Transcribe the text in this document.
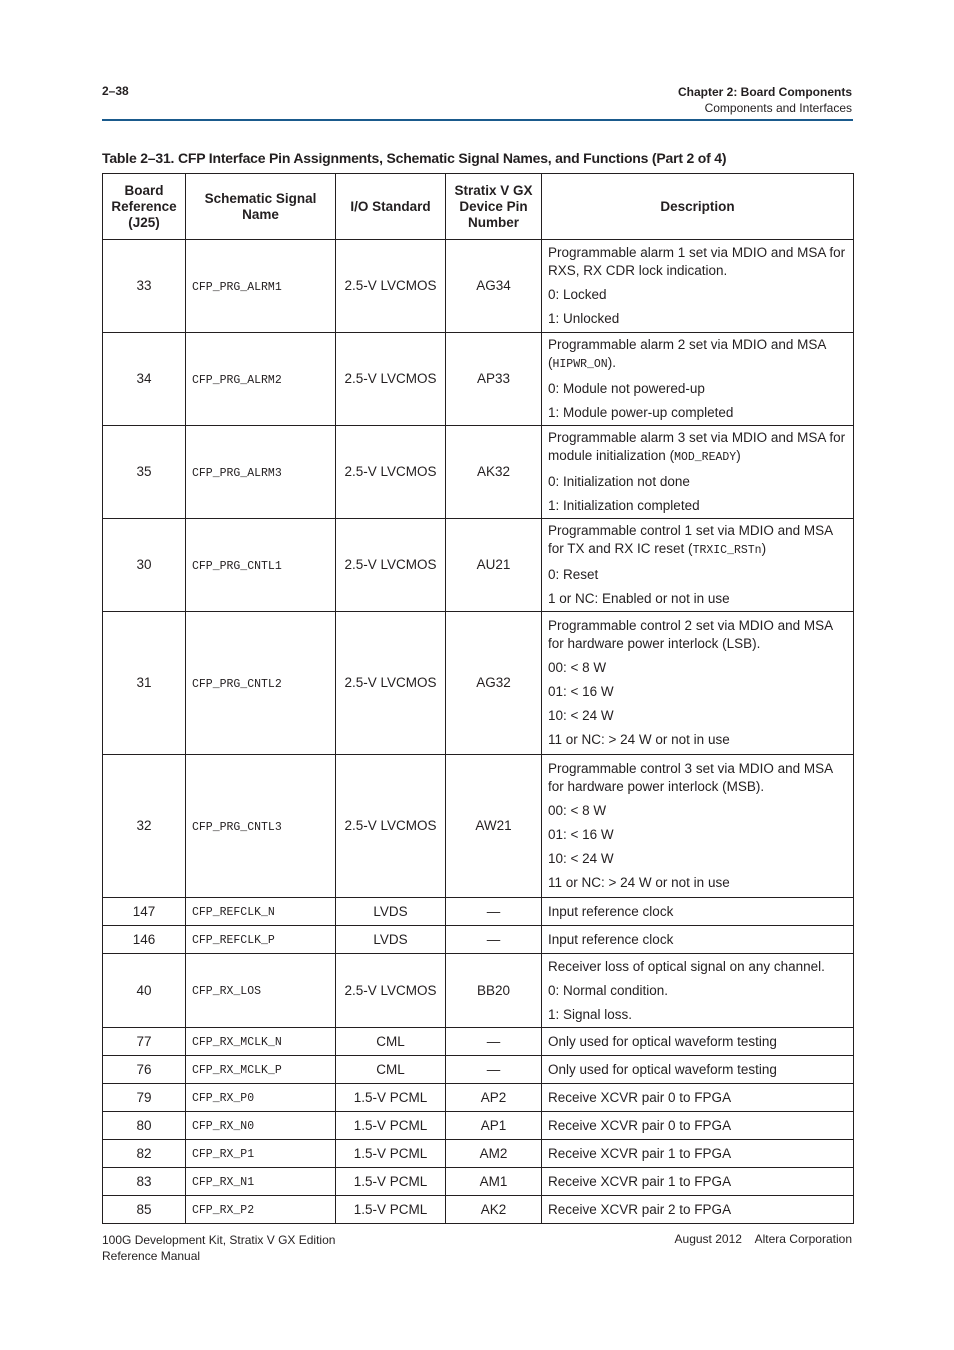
2–38	Chapter 2: Board Components
Components and Interfaces
Table 2–31. CFP Interface Pin Assignments, Schematic Signal Names, and Functions (Part 2 of 4)
Board Reference (J25)	Schematic Signal Name	I/O Standard	Stratix V GX Device Pin Number	Description
33	CFP_PRG_ALRM1	2.5-V LVCMOS	AG34	Programmable alarm 1 set via MDIO and MSA for RXS, RX CDR lock indication.
0: Locked
1: Unlocked

34	CFP_PRG_ALRM2	2.5-V LVCMOS	AP33	Programmable alarm 2 set via MDIO and MSA (HIPWR_ON).
0: Module not powered-up
1: Module power-up completed

35	CFP_PRG_ALRM3	2.5-V LVCMOS	AK32	Programmable alarm 3 set via MDIO and MSA for module initialization (MOD_READY)
0: Initialization not done
1: Initialization completed

30	CFP_PRG_CNTL1	2.5-V LVCMOS	AU21	Programmable control 1 set via MDIO and MSA for TX and RX IC reset (TRXIC_RSTn)
0: Reset
1 or NC: Enabled or not in use

31	CFP_PRG_CNTL2	2.5-V LVCMOS	AG32	Programmable control 2 set via MDIO and MSA for hardware power interlock (LSB).
00: < 8 W
01: < 16 W
10: < 24 W
11 or NC: > 24 W or not in use

32	CFP_PRG_CNTL3	2.5-V LVCMOS	AW21	Programmable control 3 set via MDIO and MSA for hardware power interlock (MSB).
00: < 8 W
01: < 16 W
10: < 24 W
11 or NC: > 24 W or not in use

147	CFP_REFCLK_N	LVDS	—	Input reference clock

146	CFP_REFCLK_P	LVDS	—	Input reference clock

40	CFP_RX_LOS	2.5-V LVCMOS	BB20	Receiver loss of optical signal on any channel.
0: Normal condition.
1: Signal loss.

77	CFP_RX_MCLK_N	CML	—	Only used for optical waveform testing

76	CFP_RX_MCLK_P	CML	—	Only used for optical waveform testing

79	CFP_RX_P0	1.5-V PCML	AP2	Receive XCVR pair 0 to FPGA

80	CFP_RX_N0	1.5-V PCML	AP1	Receive XCVR pair 0 to FPGA

82	CFP_RX_P1	1.5-V PCML	AM2	Receive XCVR pair 1 to FPGA

83	CFP_RX_N1	1.5-V PCML	AM1	Receive XCVR pair 1 to FPGA

85	CFP_RX_P2	1.5-V PCML	AK2	Receive XCVR pair 2 to FPGA
100G Development Kit, Stratix V GX Edition
Reference Manual
August 2012 Altera Corporation
